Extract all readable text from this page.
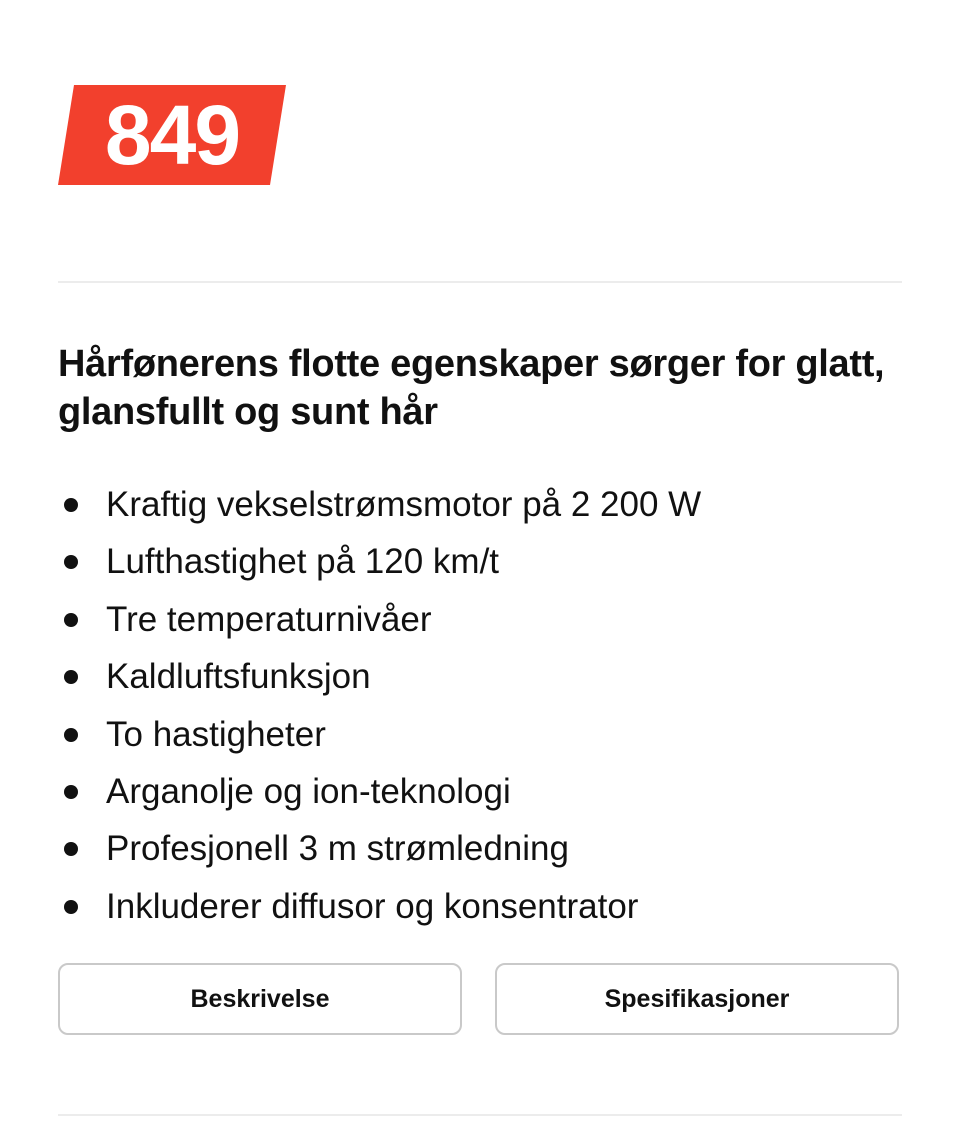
849
Hårfønerens flotte egenskaper sørger for glatt, glansfullt og sunt hår
Kraftig vekselstrømsmotor på 2 200 W
Lufthastighet på 120 km/t
Tre temperaturnivåer
Kaldluftsfunksjon
To hastigheter
Arganolje og ion-teknologi
Profesjonell 3 m strømledning
Inkluderer diffusor og konsentrator
Beskrivelse	Spesifikasjoner
